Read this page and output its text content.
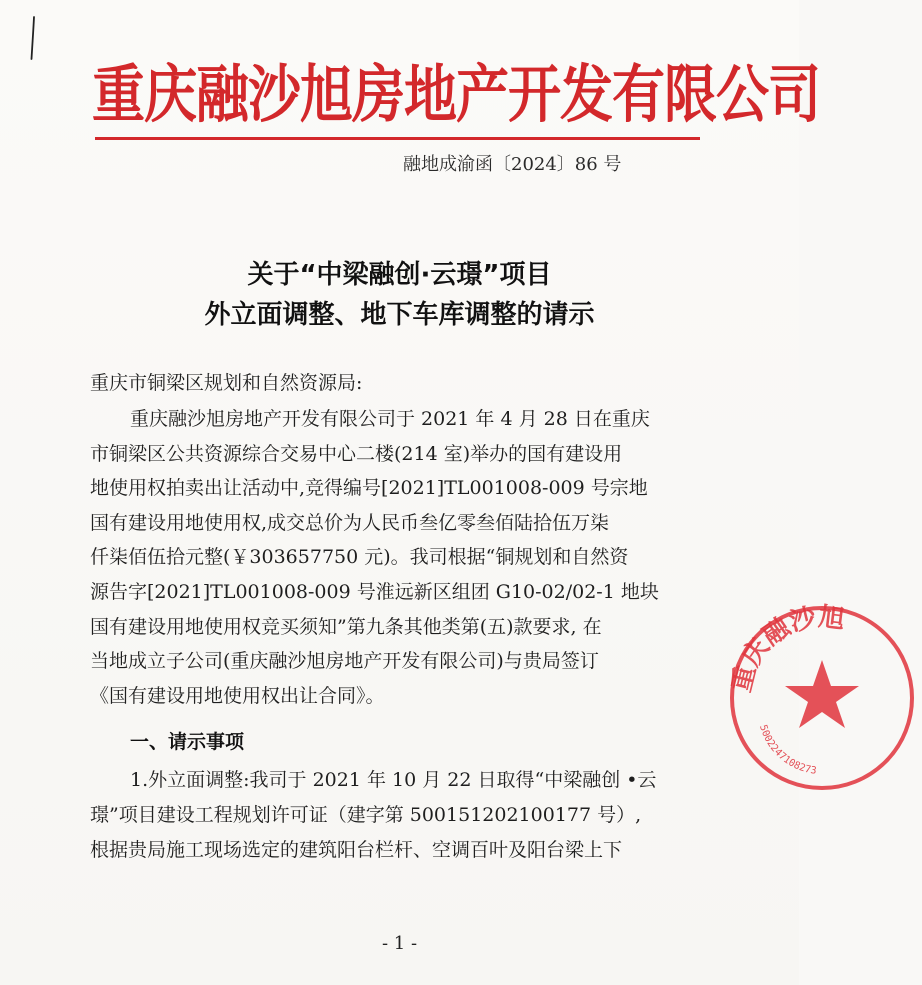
重庆融沙旭房地产开发有限公司
融地成渝函〔2024〕86 号
关于“中梁融创·云璟”项目
外立面调整、地下车库调整的请示
重庆市铜梁区规划和自然资源局:
重庆融沙旭房地产开发有限公司于 2021 年 4 月 28 日在重庆
市铜梁区公共资源综合交易中心二楼(214 室)举办的国有建设用
地使用权拍卖出让活动中,竞得编号[2021]TL001008-009 号宗地
国有建设用地使用权,成交总价为人民币叁亿零叁佰陆拾伍万柒
仟柒佰伍拾元整(￥303657750 元)。我司根据“铜规划和自然资
源告字[2021]TL001008-009 号淮远新区组团 G10-02/02-1 地块
国有建设用地使用权竞买须知”第九条其他类第(五)款要求, 在
当地成立子公司(重庆融沙旭房地产开发有限公司)与贵局签订
《国有建设用地使用权出让合同》。
一、请示事项
1.外立面调整:我司于 2021 年 10 月 22 日取得“中梁融创 •云
璟”项目建设工程规划许可证（建字第 500151202100177 号）,
根据贵局施工现场选定的建筑阳台栏杆、空调百叶及阳台梁上下
- 1 -
重庆融沙旭
5002247108273
